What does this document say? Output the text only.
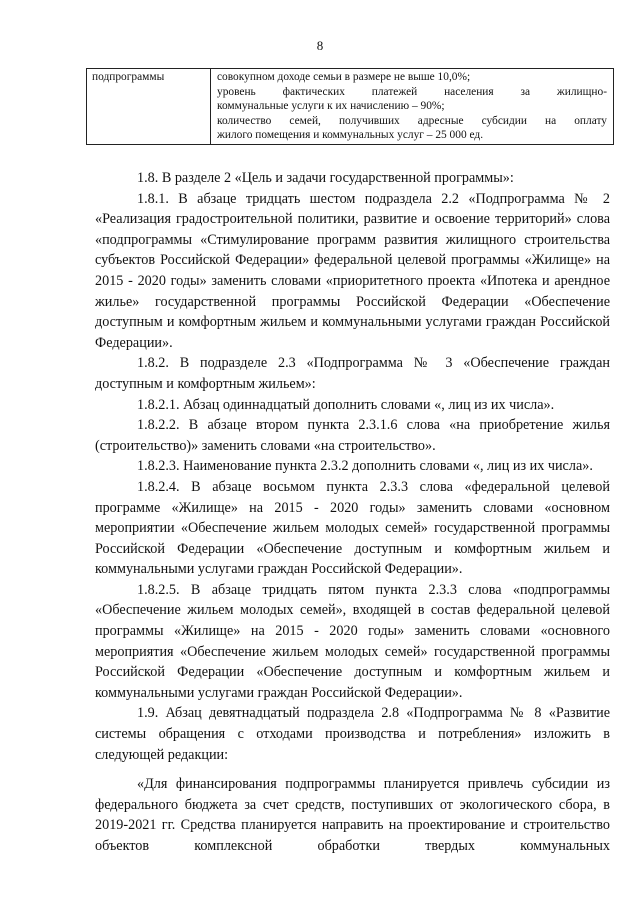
8
подпрограммы	совокупном доходе семьи в размере не выше 10,0%;
уровень фактических платежей населения за жилищно-
коммунальные услуги к их начислению – 90%;
количество семей, получивших адресные субсидии на оплату
жилого помещения и коммунальных услуг – 25 000 ед.

1.8. В разделе 2 «Цель и задачи государственной программы»:

1.8.1. В абзаце тридцать шестом подраздела 2.2 «Подпрограмма № 2 «Реализация градостроительной политики, развитие и освоение территорий» слова «подпрограммы «Стимулирование программ развития жилищного строительства субъектов Российской Федерации» федеральной целевой программы «Жилище» на 2015 - 2020 годы» заменить словами «приоритетного проекта «Ипотека и арендное жилье» государственной программы Российской Федерации «Обеспечение доступным и комфортным жильем и коммунальными услугами граждан Российской Федерации».

1.8.2. В подразделе 2.3 «Подпрограмма № 3 «Обеспечение граждан доступным и комфортным жильем»:

1.8.2.1. Абзац одиннадцатый дополнить словами «, лиц из их числа».

1.8.2.2. В абзаце втором пункта 2.3.1.6 слова «на приобретение жилья (строительство)» заменить словами «на строительство».

1.8.2.3. Наименование пункта 2.3.2 дополнить словами «, лиц из их числа».

1.8.2.4. В абзаце восьмом пункта 2.3.3 слова «федеральной целевой программе «Жилище» на 2015 - 2020 годы» заменить словами «основном мероприятии «Обеспечение жильем молодых семей» государственной программы Российской Федерации «Обеспечение доступным и комфортным жильем и коммунальными услугами граждан Российской Федерации».

1.8.2.5. В абзаце тридцать пятом пункта 2.3.3 слова «подпрограммы «Обеспечение жильем молодых семей», входящей в состав федеральной целевой программы «Жилище» на 2015 - 2020 годы» заменить словами «основного мероприятия «Обеспечение жильем молодых семей» государственной программы Российской Федерации «Обеспечение доступным и комфортным жильем и коммунальными услугами граждан Российской Федерации».

1.9. Абзац девятнадцатый подраздела 2.8 «Подпрограмма № 8 «Развитие системы обращения с отходами производства и потребления» изложить в следующей редакции:

«Для финансирования подпрограммы планируется привлечь субсидии из федерального бюджета за счет средств, поступивших от экологического сбора, в 2019-2021 гг. Средства планируется направить на проектирование и строительство объектов комплексной обработки твердых коммунальных
